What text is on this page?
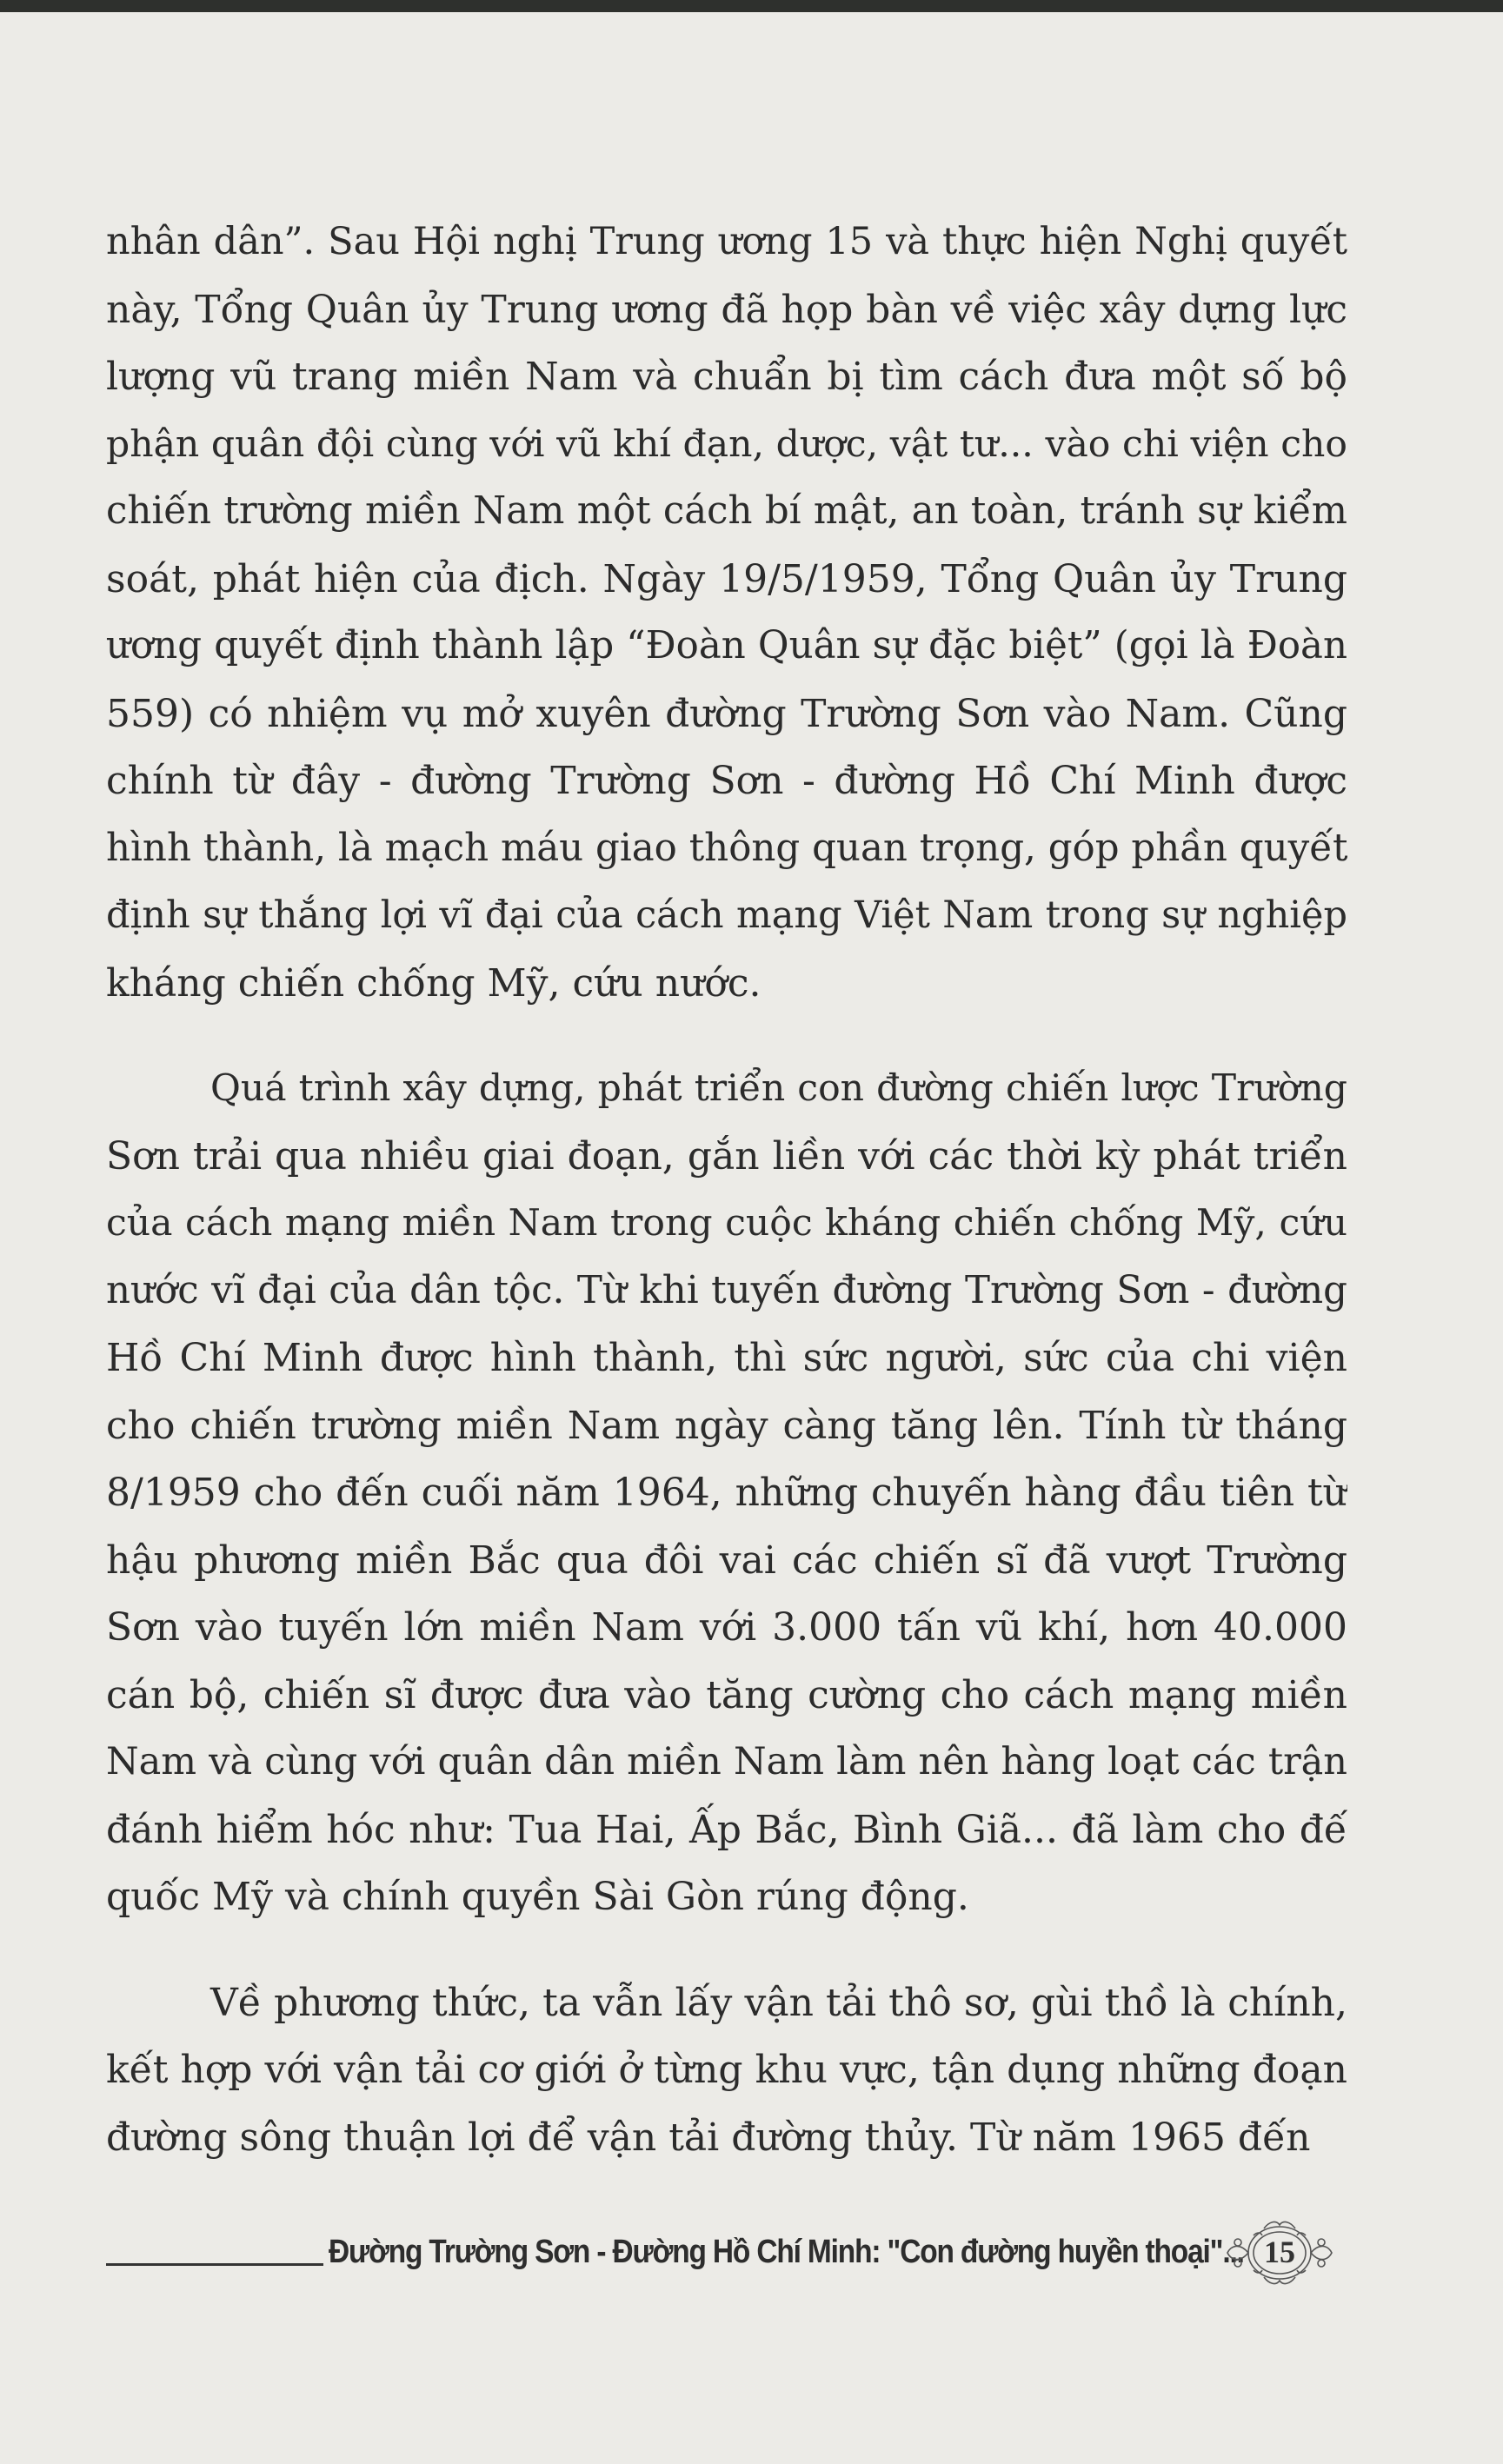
nhân dân”. Sau Hội nghị Trung ương 15 và thực hiện Nghị quyết
này, Tổng Quân ủy Trung ương đã họp bàn về việc xây dựng lực
lượng vũ trang miền Nam và chuẩn bị tìm cách đưa một số bộ
phận quân đội cùng với vũ khí đạn, dược, vật tư... vào chi viện cho
chiến trường miền Nam một cách bí mật, an toàn, tránh sự kiểm
soát, phát hiện của địch. Ngày 19/5/1959, Tổng Quân ủy Trung
ương quyết định thành lập “Đoàn Quân sự đặc biệt” (gọi là Đoàn
559) có nhiệm vụ mở xuyên đường Trường Sơn vào Nam. Cũng
chính từ đây - đường Trường Sơn - đường Hồ Chí Minh được
hình thành, là mạch máu giao thông quan trọng, góp phần quyết
định sự thắng lợi vĩ đại của cách mạng Việt Nam trong sự nghiệp
kháng chiến chống Mỹ, cứu nước.
Quá trình xây dựng, phát triển con đường chiến lược Trường
Sơn trải qua nhiều giai đoạn, gắn liền với các thời kỳ phát triển
của cách mạng miền Nam trong cuộc kháng chiến chống Mỹ, cứu
nước vĩ đại của dân tộc. Từ khi tuyến đường Trường Sơn - đường
Hồ Chí Minh được hình thành, thì sức người, sức của chi viện
cho chiến trường miền Nam ngày càng tăng lên. Tính từ tháng
8/1959 cho đến cuối năm 1964, những chuyến hàng đầu tiên từ
hậu phương miền Bắc qua đôi vai các chiến sĩ đã vượt Trường
Sơn vào tuyến lớn miền Nam với 3.000 tấn vũ khí, hơn 40.000
cán bộ, chiến sĩ được đưa vào tăng cường cho cách mạng miền
Nam và cùng với quân dân miền Nam làm nên hàng loạt các trận
đánh hiểm hóc như: Tua Hai, Ấp Bắc, Bình Giã... đã làm cho đế
quốc Mỹ và chính quyền Sài Gòn rúng động.
Về phương thức, ta vẫn lấy vận tải thô sơ, gùi thồ là chính,
kết hợp với vận tải cơ giới ở từng khu vực, tận dụng những đoạn
đường sông thuận lợi để vận tải đường thủy. Từ năm 1965 đến
Đường Trường Sơn - Đường Hồ Chí Minh: "Con đường huyền thoại"... 15
